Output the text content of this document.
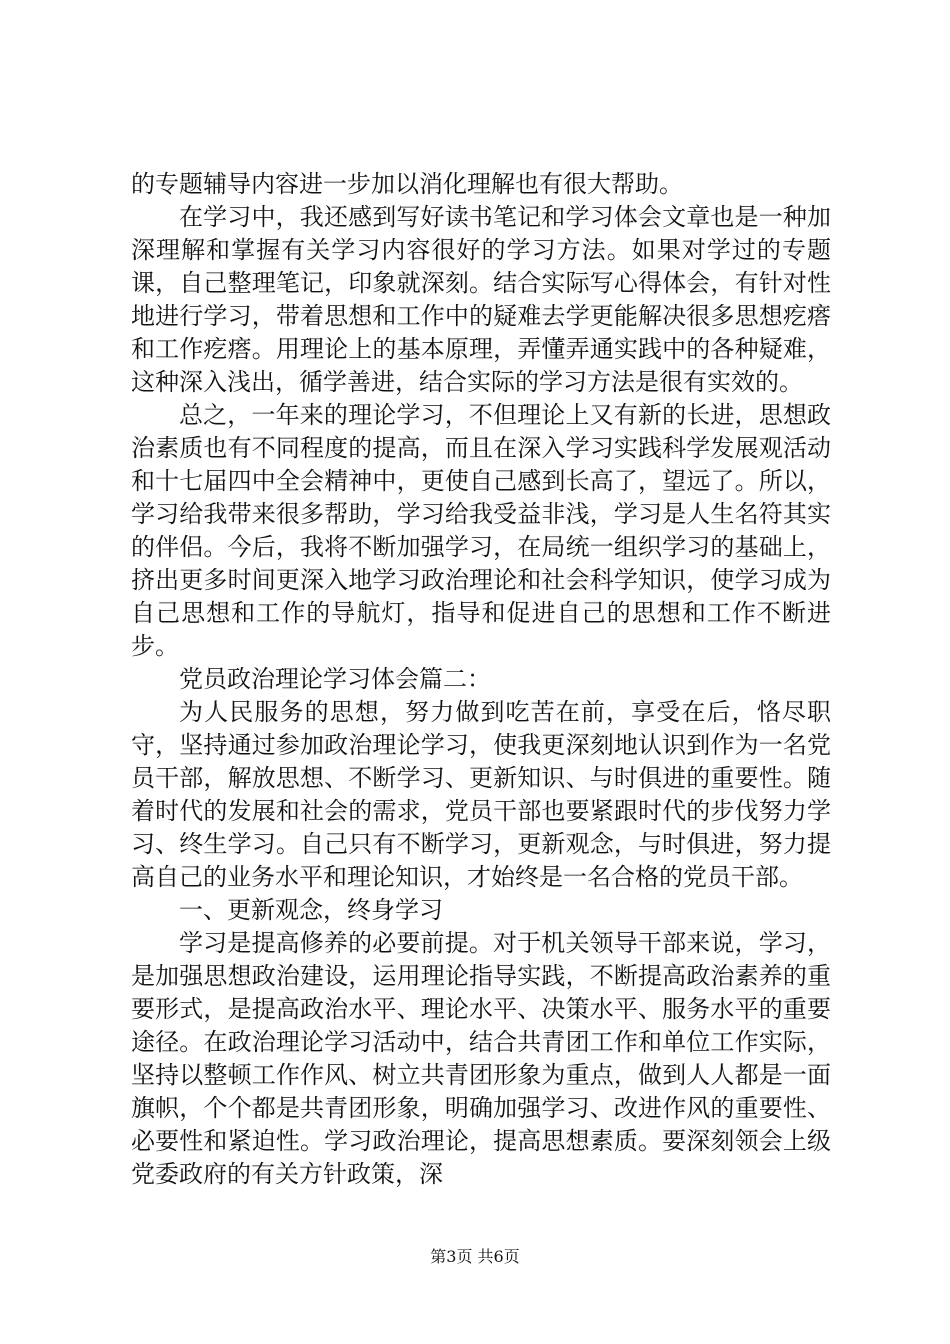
的专题辅导内容进一步加以消化理解也有很大帮助。

在学习中，我还感到写好读书笔记和学习体会文章也是一种加深理解和掌握有关学习内容很好的学习方法。如果对学过的专题课，自己整理笔记，印象就深刻。结合实际写心得体会，有针对性地进行学习，带着思想和工作中的疑难去学更能解决很多思想疙瘩和工作疙瘩。用理论上的基本原理，弄懂弄通实践中的各种疑难，这种深入浅出，循学善进，结合实际的学习方法是很有实效的。

总之，一年来的理论学习，不但理论上又有新的长进，思想政治素质也有不同程度的提高，而且在深入学习实践科学发展观活动和十七届四中全会精神中，更使自己感到长高了，望远了。所以，学习给我带来很多帮助，学习给我受益非浅，学习是人生名符其实的伴侣。今后，我将不断加强学习，在局统一组织学习的基础上，挤出更多时间更深入地学习政治理论和社会科学知识，使学习成为自己思想和工作的导航灯，指导和促进自己的思想和工作不断进步。

党员政治理论学习体会篇二：

为人民服务的思想，努力做到吃苦在前，享受在后，恪尽职守，坚持通过参加政治理论学习，使我更深刻地认识到作为一名党员干部，解放思想、不断学习、更新知识、与时俱进的重要性。随着时代的发展和社会的需求，党员干部也要紧跟时代的步伐努力学习、终生学习。自己只有不断学习，更新观念，与时俱进，努力提高自己的业务水平和理论知识，才始终是一名合格的党员干部。

一、更新观念，终身学习

学习是提高修养的必要前提。对于机关领导干部来说，学习，是加强思想政治建设，运用理论指导实践，不断提高政治素养的重要形式，是提高政治水平、理论水平、决策水平、服务水平的重要途径。在政治理论学习活动中，结合共青团工作和单位工作实际，坚持以整顿工作作风、树立共青团形象为重点，做到人人都是一面旗帜，个个都是共青团形象，明确加强学习、改进作风的重要性、必要性和紧迫性。学习政治理论，提高思想素质。要深刻领会上级党委政府的有关方针政策，深

第3页 共6页
